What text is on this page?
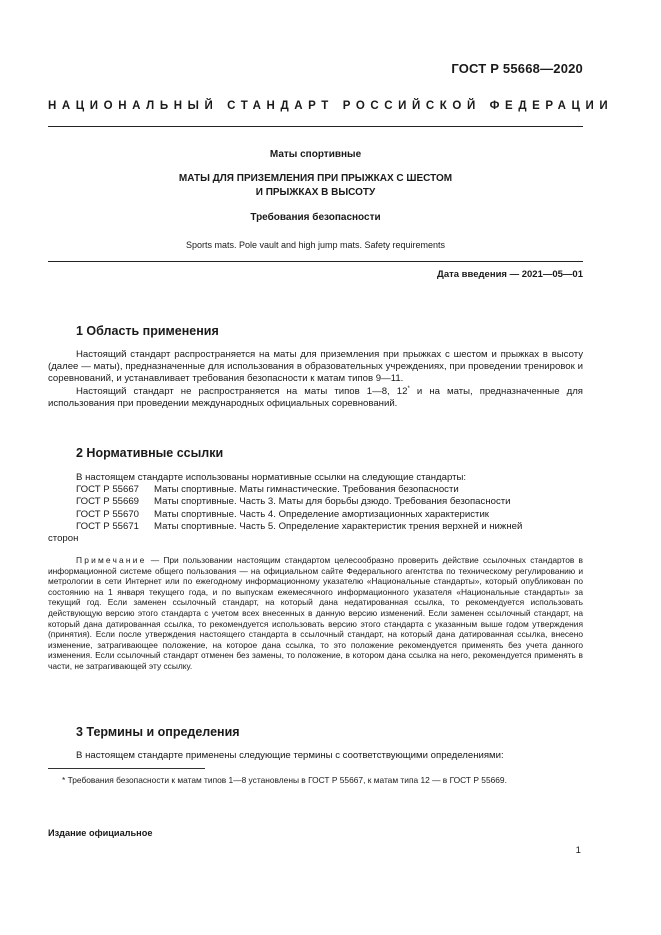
ГОСТ Р 55668—2020
НАЦИОНАЛЬНЫЙ СТАНДАРТ РОССИЙСКОЙ ФЕДЕРАЦИИ
Маты спортивные
МАТЫ ДЛЯ ПРИЗЕМЛЕНИЯ ПРИ ПРЫЖКАХ С ШЕСТОМ
И ПРЫЖКАХ В ВЫСОТУ
Требования безопасности
Sports mats. Pole vault and high jump mats. Safety requirements
Дата введения — 2021—05—01
1 Область применения

Настоящий стандарт распространяется на маты для приземления при прыжках с шестом и прыжках в высоту (далее — маты), предназначенные для использования в образовательных учреждениях, при проведении тренировок и соревнований, и устанавливает требования безопасности к матам типов 9—11.

Настоящий стандарт не распространяется на маты типов 1—8, 12* и на маты, предназначенные для использования при проведении международных официальных соревнований.

2 Нормативные ссылки
В настоящем стандарте использованы нормативные ссылки на следующие стандарты:
ГОСТ Р 55667 Маты спортивные. Маты гимнастические. Требования безопасности
ГОСТ Р 55669 Маты спортивные. Часть 3. Маты для борьбы дзюдо. Требования безопасности
ГОСТ Р 55670 Маты спортивные. Часть 4. Определение амортизационных характеристик
ГОСТ Р 55671 Маты спортивные. Часть 5. Определение характеристик трения верхней и нижней
сторон

Примечание — При пользовании настоящим стандартом целесообразно проверить действие ссылочных стандартов в информационной системе общего пользования — на официальном сайте Федерального агентства по техническому регулированию и метрологии в сети Интернет или по ежегодному информационному указателю «Национальные стандарты», который опубликован по состоянию на 1 января текущего года, и по выпускам ежемесячного информационного указателя «Национальные стандарты» за текущий год. Если заменен ссылочный стандарт, на который дана недатированная ссылка, то рекомендуется использовать действующую версию этого стандарта с учетом всех внесенных в данную версию изменений. Если заменен ссылочный стандарт, на который дана датированная ссылка, то рекомендуется использовать версию этого стандарта с указанным выше годом утверждения (принятия). Если после утверждения настоящего стандарта в ссылочный стандарт, на который дана датированная ссылка, внесено изменение, затрагивающее положение, на которое дана ссылка, то это положение рекомендуется применять без учета данного изменения. Если ссылочный стандарт отменен без замены, то положение, в котором дана ссылка на него, рекомендуется применять в части, не затрагивающей эту ссылку.

3 Термины и определения

В настоящем стандарте применены следующие термины с соответствующими определениями:

* Требования безопасности к матам типов 1—8 установлены в ГОСТ Р 55667, к матам типа 12 — в ГОСТ Р 55669.

Издание официальное
1
